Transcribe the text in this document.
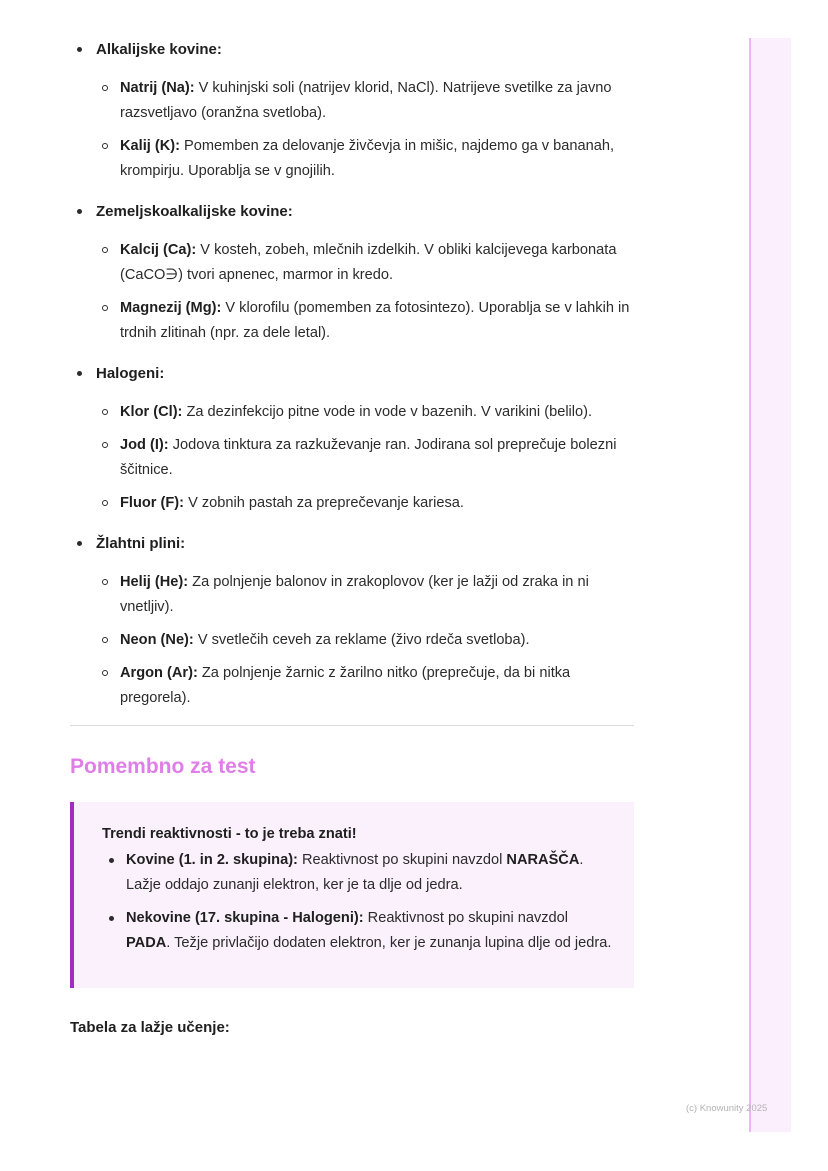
Alkalijske kovine:
Natrij (Na): V kuhinjski soli (natrijev klorid, NaCl). Natrijeve svetilke za javno razsvetljavo (oranžna svetloba).
Kalij (K): Pomemben za delovanje živčevja in mišic, najdemo ga v bananah, krompirju. Uporablja se v gnojilih.
Zemeljskoalkalijske kovine:
Kalcij (Ca): V kosteh, zobeh, mlečnih izdelkih. V obliki kalcijevega karbonata (CaCO∋) tvori apnenec, marmor in kredo.
Magnezij (Mg): V klorofilu (pomemben za fotosintezo). Uporablja se v lahkih in trdnih zlitinah (npr. za dele letal).
Halogeni:
Klor (Cl): Za dezinfekcijo pitne vode in vode v bazenih. V varikini (belilo).
Jod (I): Jodova tinktura za razkuževanje ran. Jodirana sol preprečuje bolezni ščitnice.
Fluor (F): V zobnih pastah za preprečevanje kariesa.
Žlahtni plini:
Helij (He): Za polnjenje balonov in zrakoplovov (ker je lažji od zraka in ni vnetljiv).
Neon (Ne): V svetlečih ceveh za reklame (živo rdeča svetloba).
Argon (Ar): Za polnjenje žarnic z žarilno nitko (preprečuje, da bi nitka pregorela).
Pomembno za test
Trendi reaktivnosti - to je treba znati!
Kovine (1. in 2. skupina): Reaktivnost po skupini navzdol NARAŠČA. Lažje oddajo zunanji elektron, ker je ta dlje od jedra.
Nekovine (17. skupina - Halogeni): Reaktivnost po skupini navzdol PADA. Težje privlačijo dodaten elektron, ker je zunanja lupina dlje od jedra.
Tabela za lažje učenje:
(c) Knowunity 2025
